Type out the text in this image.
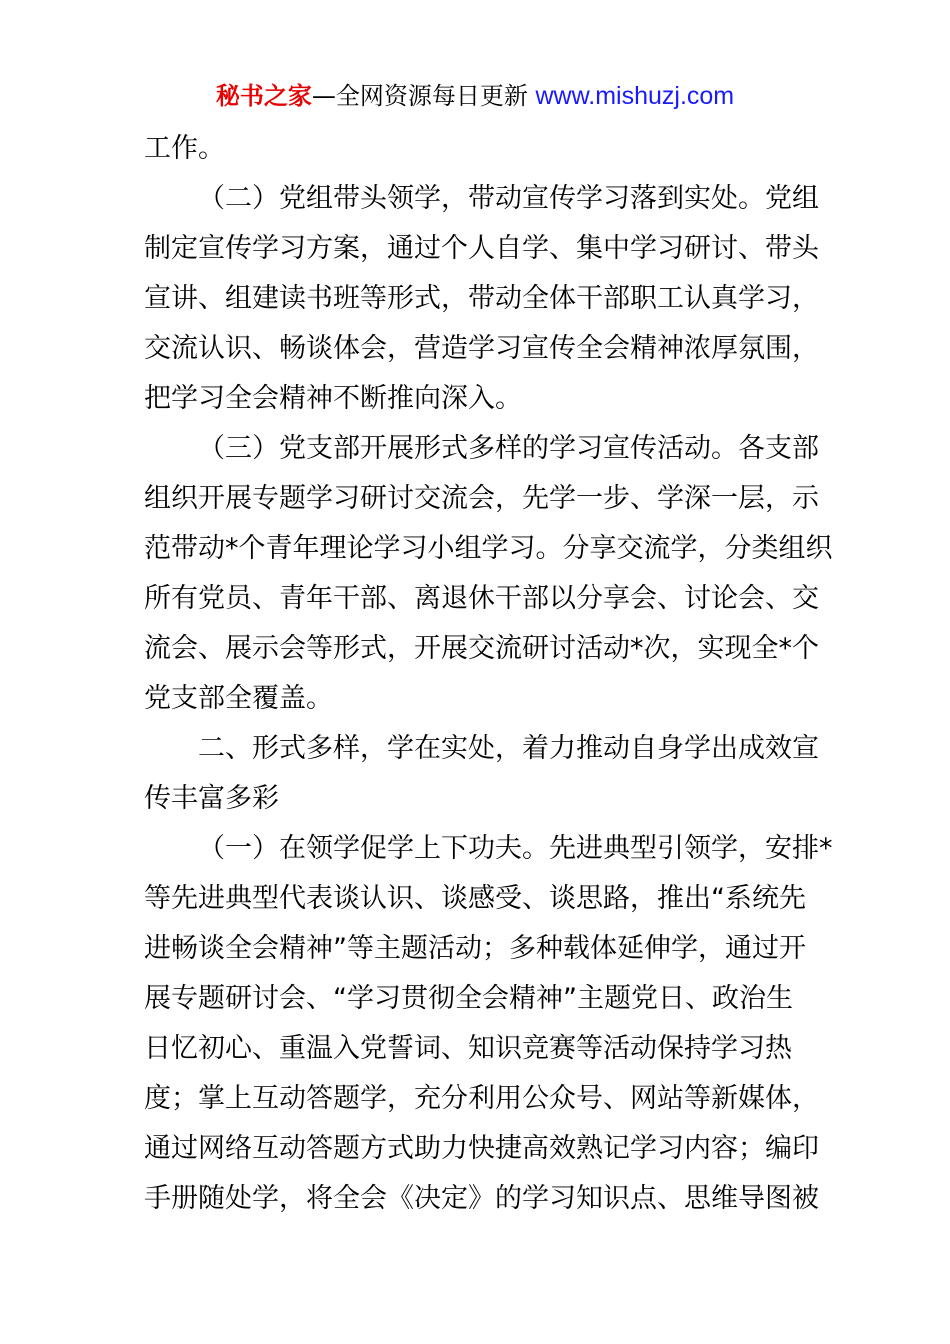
秘书之家—全网资源每日更新 www.mishuzj.com
工作。
（二）党组带头领学，带动宣传学习落到实处。党组
制定宣传学习方案，通过个人自学、集中学习研讨、带头
宣讲、组建读书班等形式，带动全体干部职工认真学习，
交流认识、畅谈体会，营造学习宣传全会精神浓厚氛围，
把学习全会精神不断推向深入。
（三）党支部开展形式多样的学习宣传活动。各支部
组织开展专题学习研讨交流会，先学一步、学深一层，示
范带动*个青年理论学习小组学习。分享交流学，分类组织
所有党员、青年干部、离退休干部以分享会、讨论会、交
流会、展示会等形式，开展交流研讨活动*次，实现全*个
党支部全覆盖。
二、形式多样，学在实处，着力推动自身学出成效宣
传丰富多彩
（一）在领学促学上下功夫。先进典型引领学，安排*
等先进典型代表谈认识、谈感受、谈思路，推出“系统先
进畅谈全会精神”等主题活动；多种载体延伸学，通过开
展专题研讨会、“学习贯彻全会精神”主题党日、政治生
日忆初心、重温入党誓词、知识竞赛等活动保持学习热
度；掌上互动答题学，充分利用公众号、网站等新媒体，
通过网络互动答题方式助力快捷高效熟记学习内容；编印
手册随处学，将全会《决定》的学习知识点、思维导图被
